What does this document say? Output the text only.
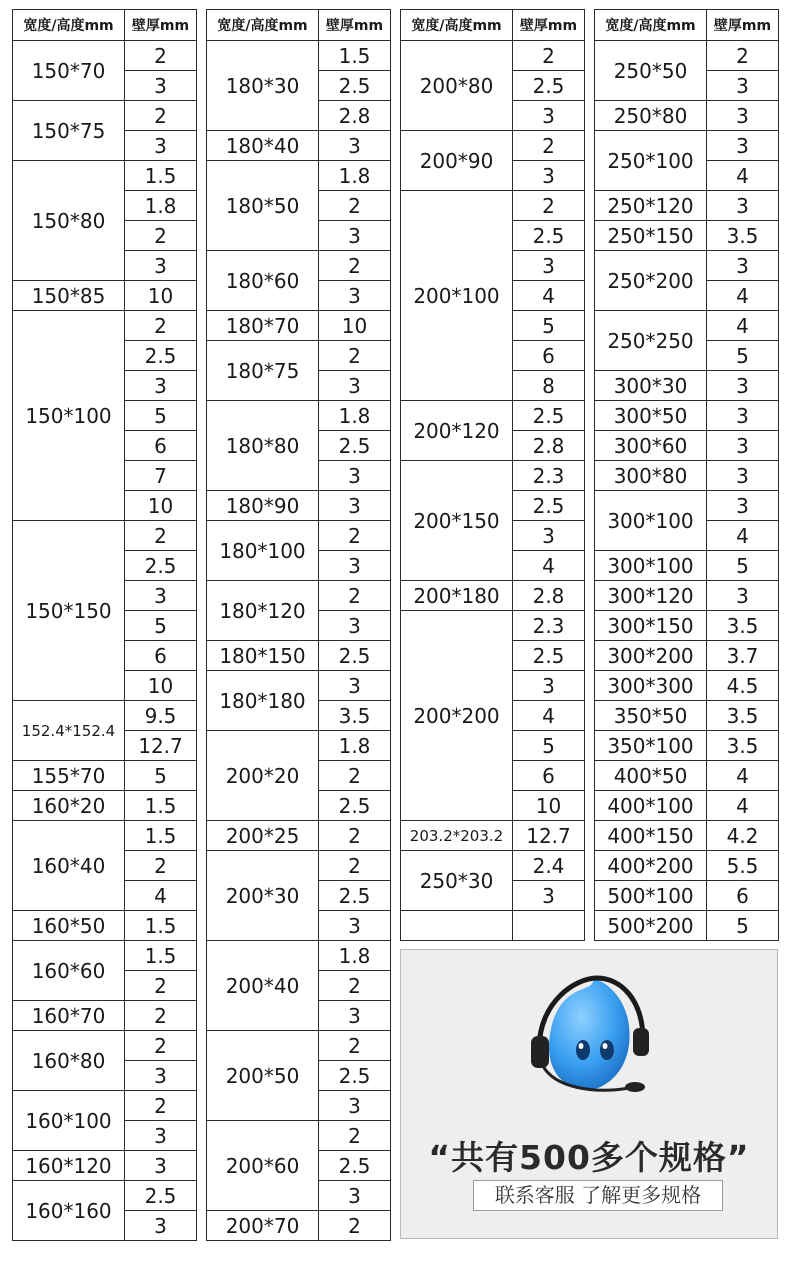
宽度/高度mm	壁厚mm
150*70	2
	3
150*75	2
	3
150*80	1.5
	1.8
	2
	3
150*85	10
150*100	2
	2.5
	3
	5
	6
	7
	10
150*150	2
	2.5
	3
	5
	6
	10
152.4*152.4	9.5
	12.7
155*70	5
160*20	1.5
160*40	1.5
	2
	4
160*50	1.5
160*60	1.5
	2
160*70	2
160*80	2
	3
160*100	2
	3
160*120	3
160*160	2.5
	3
宽度/高度mm	壁厚mm
180*30	1.5
	2.5
	2.8
180*40	3
180*50	1.8
	2
	3
180*60	2
	3
180*70	10
180*75	2
	3
180*80	1.8
	2.5
	3
180*90	3
180*100	2
	3
180*120	2
	3
180*150	2.5
180*180	3
	3.5
200*20	1.8
	2
	2.5
200*25	2
200*30	2
	2.5
	3
200*40	1.8
	2
	3
200*50	2
	2.5
	3
200*60	2
	2.5
	3
200*70	2
宽度/高度mm	壁厚mm
200*80	2
	2.5
	3
200*90	2
	3
200*100	2
	2.5
	3
	4
	5
	6
	8
200*120	2.5
	2.8
200*150	2.3
	2.5
	3
	4
200*180	2.8
200*200	2.3
	2.5
	3
	4
	5
	6
	10
203.2*203.2	12.7
250*30	2.4
	3

宽度/高度mm	壁厚mm
250*50	2
	3
250*80	3
250*100	3
	4
250*120	3
250*150	3.5
250*200	3
	4
250*250	4
	5
300*30	3
300*50	3
300*60	3
300*80	3
300*100	3
	4
300*100	5
300*120	3
300*150	3.5
300*200	3.7
300*300	4.5
350*50	3.5
350*100	3.5
400*50	4
400*100	4
400*150	4.2
400*200	5.5
500*100	6
500*200	5
“共有500多个规格”
联系客服 了解更多规格
